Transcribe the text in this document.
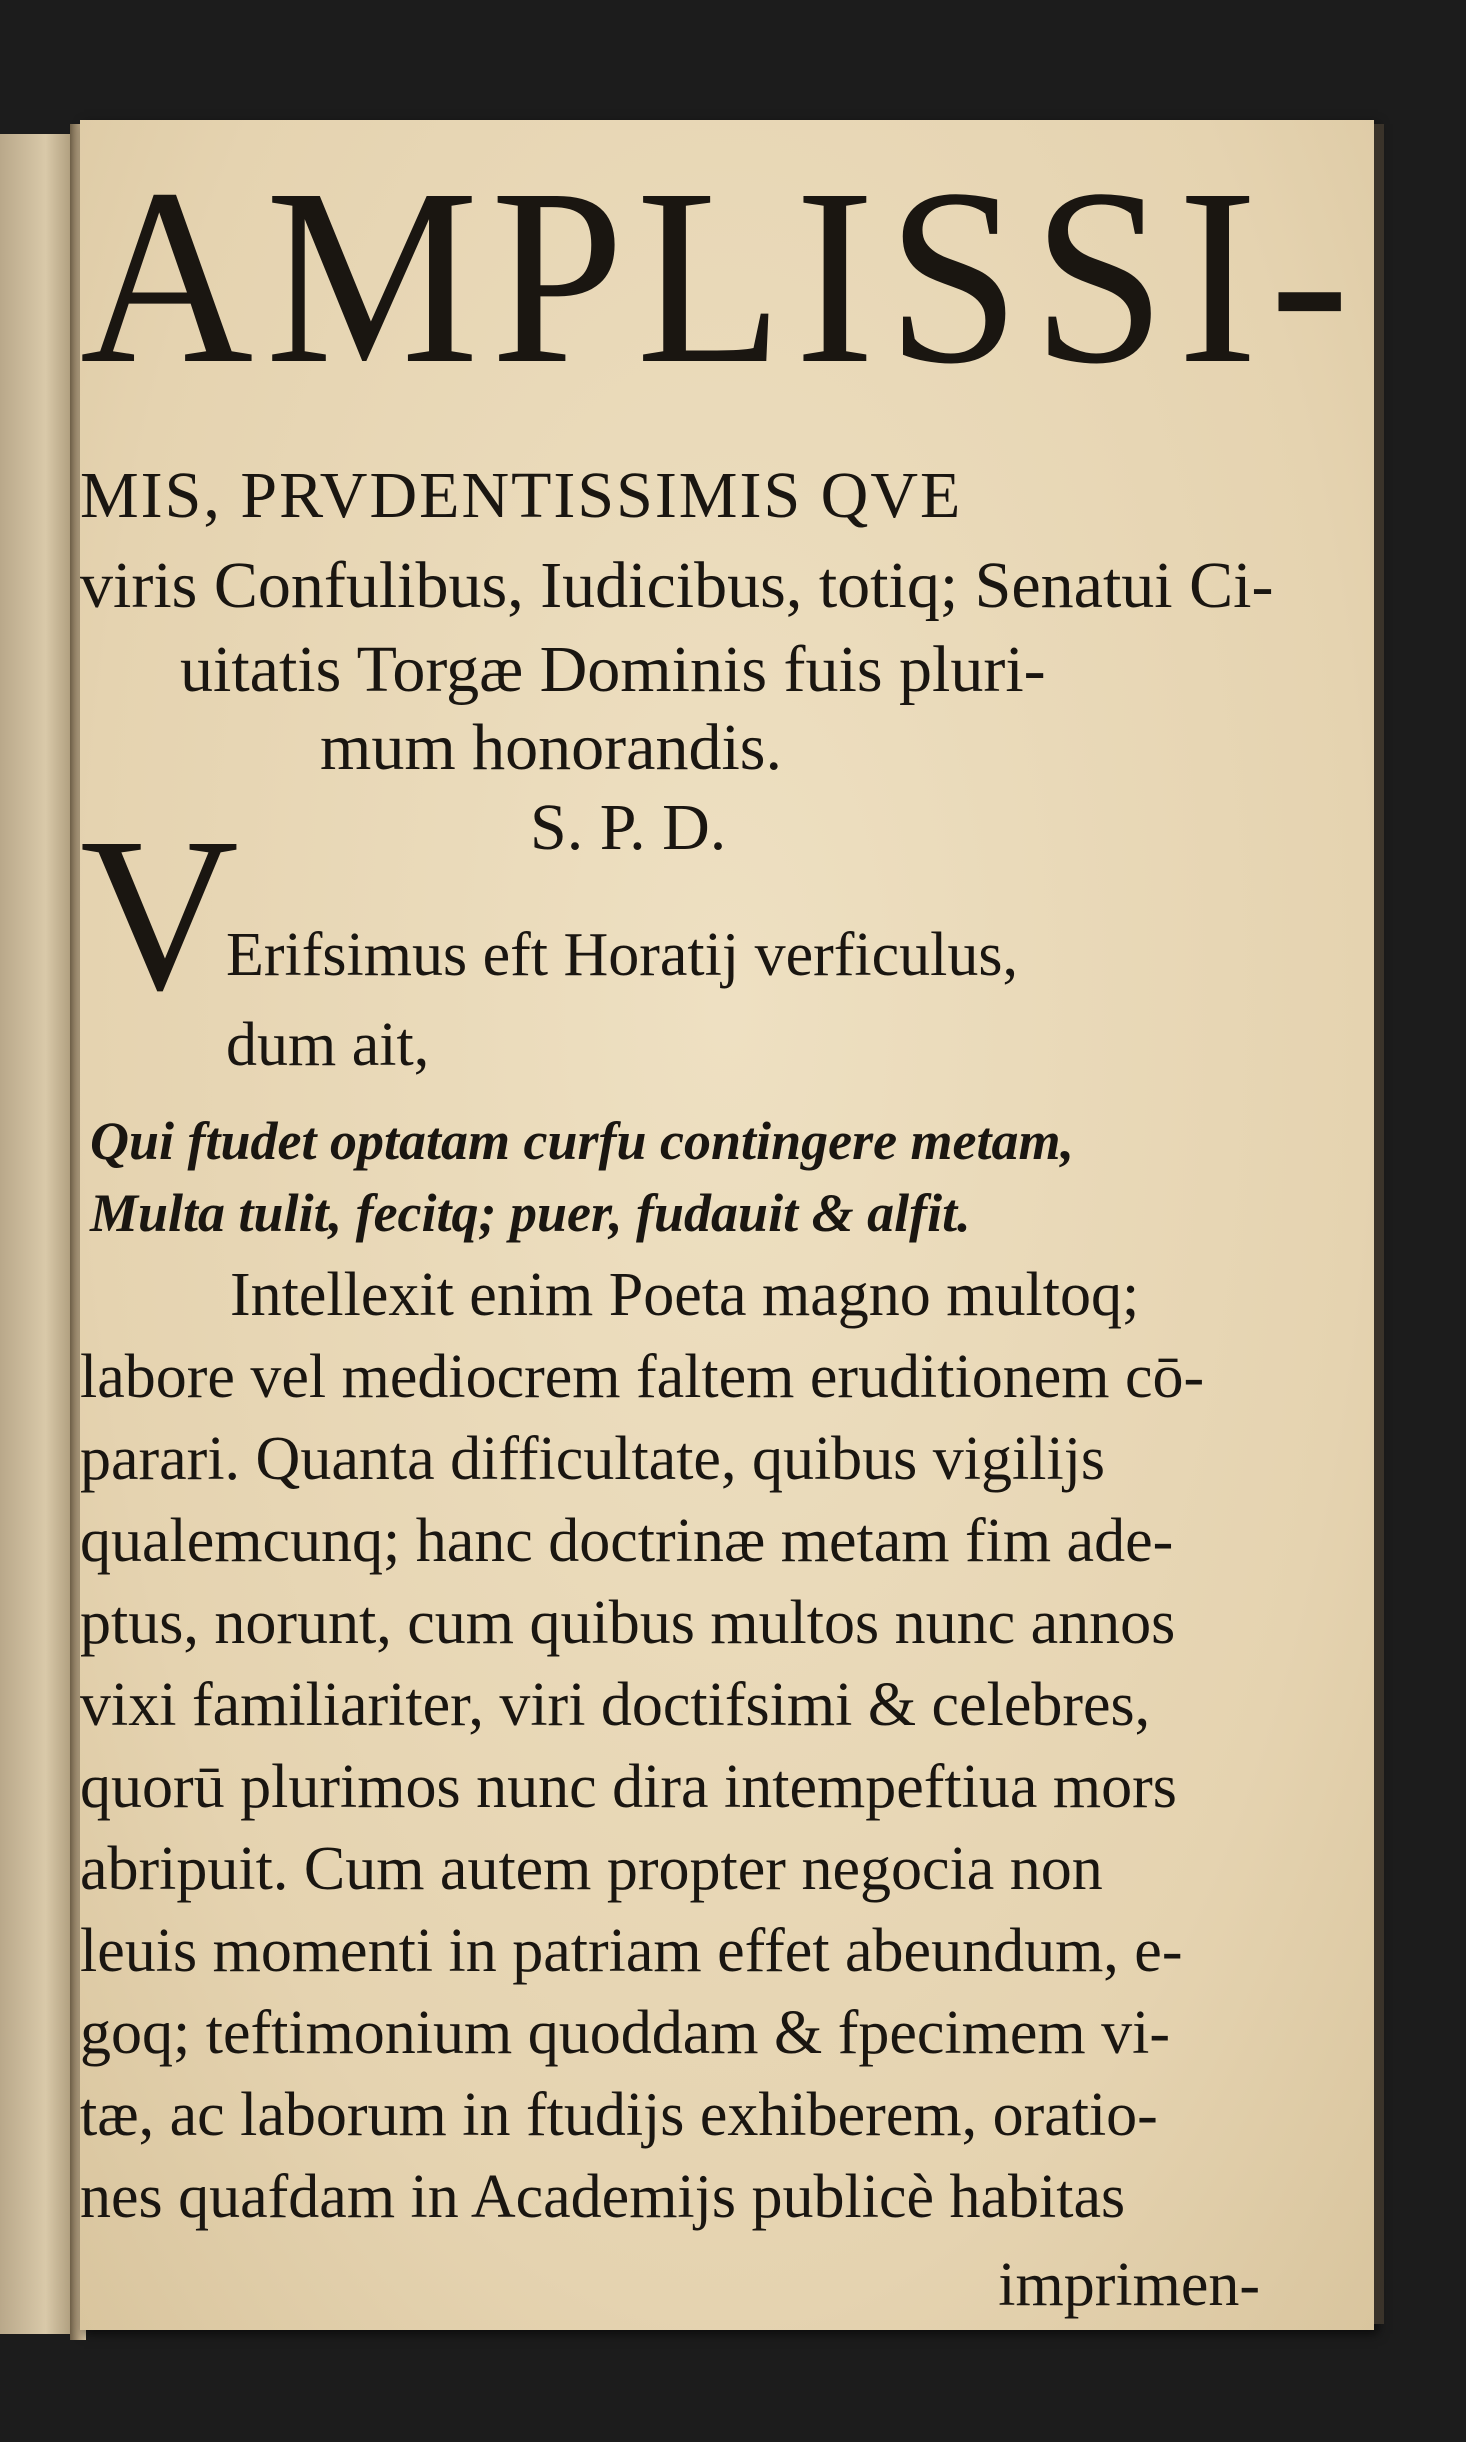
AMPLISSI-
MIS, PRVDENTISSIMIS QVE
viris Confulibus, Iudicibus, totiq; Senatui Ci-
uitatis Torgæ Dominis fuis pluri-
mum honorandis.
S. P. D.
V
Erifsimus eft Horatij verficulus,
dum ait,
Qui ftudet optatam curfu contingere metam,
Multa tulit, fecitq; puer, fudauit & alfit.
Intellexit enim Poeta magno multoq;
labore vel mediocrem faltem eruditionem cō-
parari. Quanta difficultate, quibus vigilijs
qualemcunq; hanc doctrinæ metam fim ade-
ptus, norunt, cum quibus multos nunc annos
vixi familiariter, viri doctifsimi & celebres,
quorū plurimos nunc dira intempeftiua mors
abripuit. Cum autem propter negocia non
leuis momenti in patriam effet abeundum, e-
goq; teftimonium quoddam & fpecimem vi-
tæ, ac laborum in ftudijs exhiberem, oratio-
nes quafdam in Academijs publicè habitas
imprimen-
